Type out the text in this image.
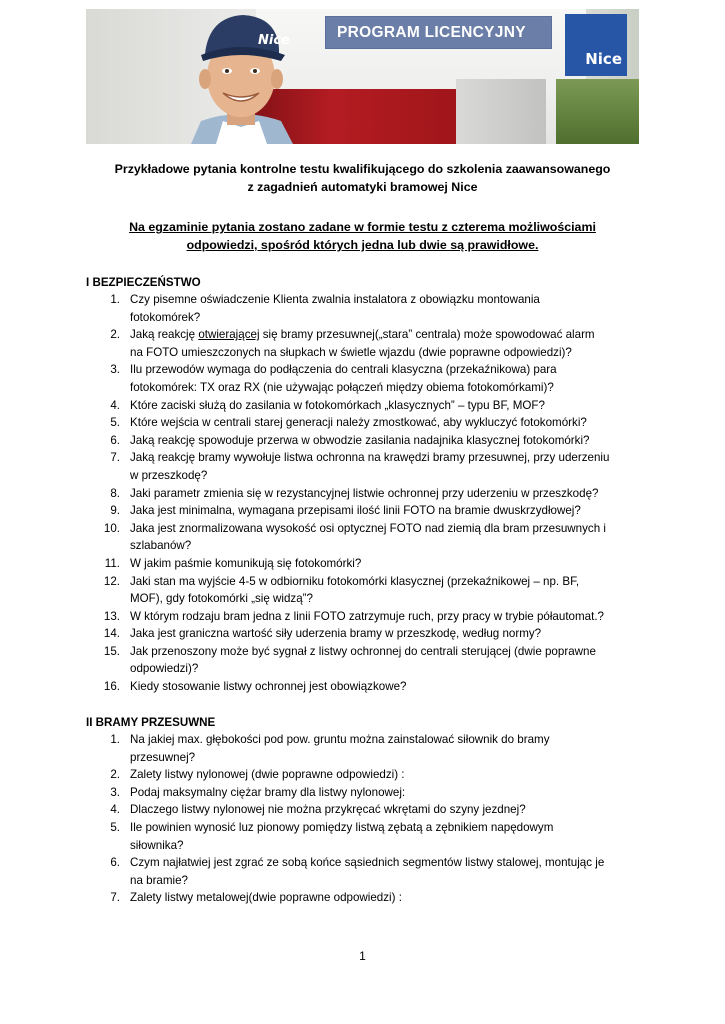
Nice	PROGRAM LICENCYJNY
Nice
Przykładowe pytania kontrolne testu kwalifikującego do szkolenia zaawansowanego
z zagadnień automatyki bramowej Nice
Na egzaminie pytania zostano zadane w formie testu z czterema możliwościami
odpowiedzi, spośród których jedna lub dwie są prawidłowe.
I BEZPIECZEŃSTWO
1. Czy pisemne oświadczenie Klienta zwalnia instalatora z obowiązku montowania
fotokomórek?
2. Jaką reakcję otwierającej się bramy przesuwnej(„stara” centrala) może spowodować alarm
na FOTO umieszczonych na słupkach w świetle wjazdu (dwie poprawne odpowiedzi)?
3. Ilu przewodów wymaga do podłączenia do centrali klasyczna (przekaźnikowa) para
fotokomórek: TX oraz RX (nie używając połączeń między obiema fotokomórkami)?
4. Które zaciski służą do zasilania w fotokomórkach „klasycznych” – typu BF, MOF?
5. Które wejścia w centrali starej generacji należy zmostkować, aby wykluczyć fotokomórki?
6. Jaką reakcję spowoduje przerwa w obwodzie zasilania nadajnika klasycznej fotokomórki?
7. Jaką reakcję bramy wywołuje listwa ochronna na krawędzi bramy przesuwnej, przy uderzeniu
w przeszkodę?
8. Jaki parametr zmienia się w rezystancyjnej listwie ochronnej przy uderzeniu w przeszkodę?
9. Jaka jest minimalna, wymagana przepisami ilość linii FOTO na bramie dwuskrzydłowej?
10. Jaka jest znormalizowana wysokość osi optycznej FOTO nad ziemią dla bram przesuwnych i
szlabanów?
11. W jakim paśmie komunikują się fotokomórki?
12. Jaki stan ma wyjście 4-5 w odbiorniku fotokomórki klasycznej (przekaźnikowej – np. BF,
MOF), gdy fotokomórki „się widzą”?
13. W którym rodzaju bram jedna z linii FOTO zatrzymuje ruch, przy pracy w trybie półautomat.?
14. Jaka jest graniczna wartość siły uderzenia bramy w przeszkodę, według normy?
15. Jak przenoszony może być sygnał z listwy ochronnej do centrali sterującej (dwie poprawne
odpowiedzi)?
16. Kiedy stosowanie listwy ochronnej jest obowiązkowe?
II BRAMY PRZESUWNE
1. Na jakiej max. głębokości pod pow. gruntu można zainstalować siłownik do bramy
przesuwnej?
2. Zalety listwy nylonowej (dwie poprawne odpowiedzi) :
3. Podaj maksymalny ciężar bramy dla listwy nylonowej:
4. Dlaczego listwy nylonowej nie można przykręcać wkrętami do szyny jezdnej?
5. Ile powinien wynosić luz pionowy pomiędzy listwą zębatą a zębnikiem napędowym
siłownika?
6. Czym najłatwiej jest zgrać ze sobą końce sąsiednich segmentów listwy stalowej, montując je
na bramie?
7. Zalety listwy metalowej(dwie poprawne odpowiedzi) :
1
